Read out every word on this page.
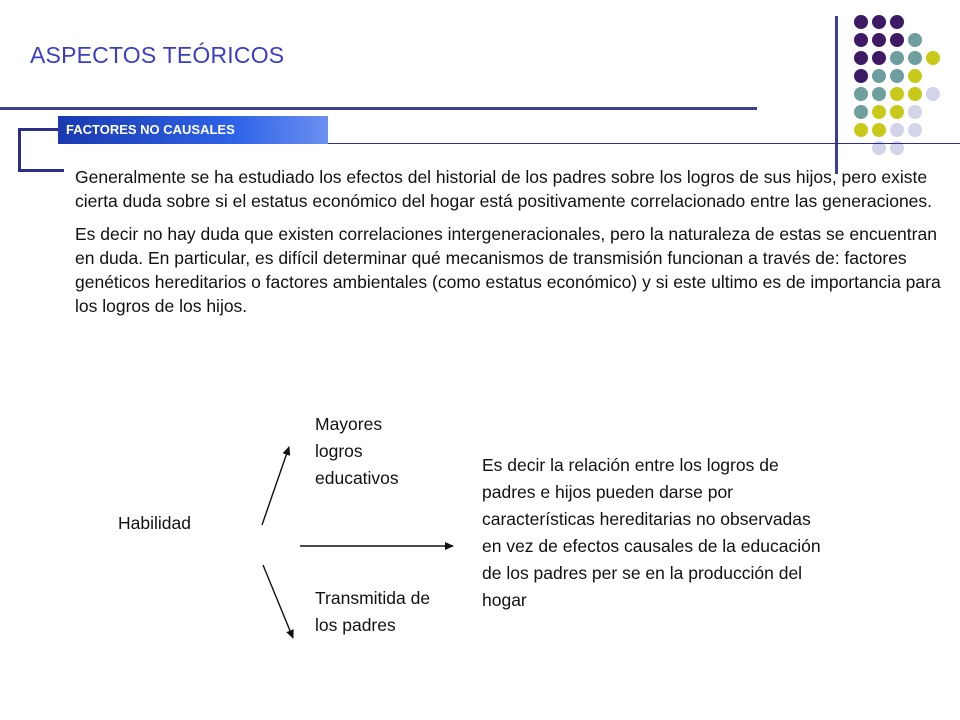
ASPECTOS TEÓRICOS
FACTORES NO CAUSALES

Generalmente se ha estudiado los efectos del historial de los padres sobre los logros de sus hijos, pero existe cierta duda sobre si el estatus económico del hogar está positivamente correlacionado entre las generaciones.

Es decir no hay duda que existen correlaciones intergeneracionales, pero la naturaleza de estas se encuentran en duda. En particular, es difícil determinar qué mecanismos de transmisión funcionan a través de: factores genéticos hereditarios o factores ambientales (como estatus económico) y si este ultimo es de importancia para los logros de los hijos.

Habilidad
Mayores logros educativos
Transmitida de los padres
Es decir la relación entre los logros de padres e hijos pueden darse por características hereditarias no observadas en vez de efectos causales de la educación de los padres per se en la producción del hogar
